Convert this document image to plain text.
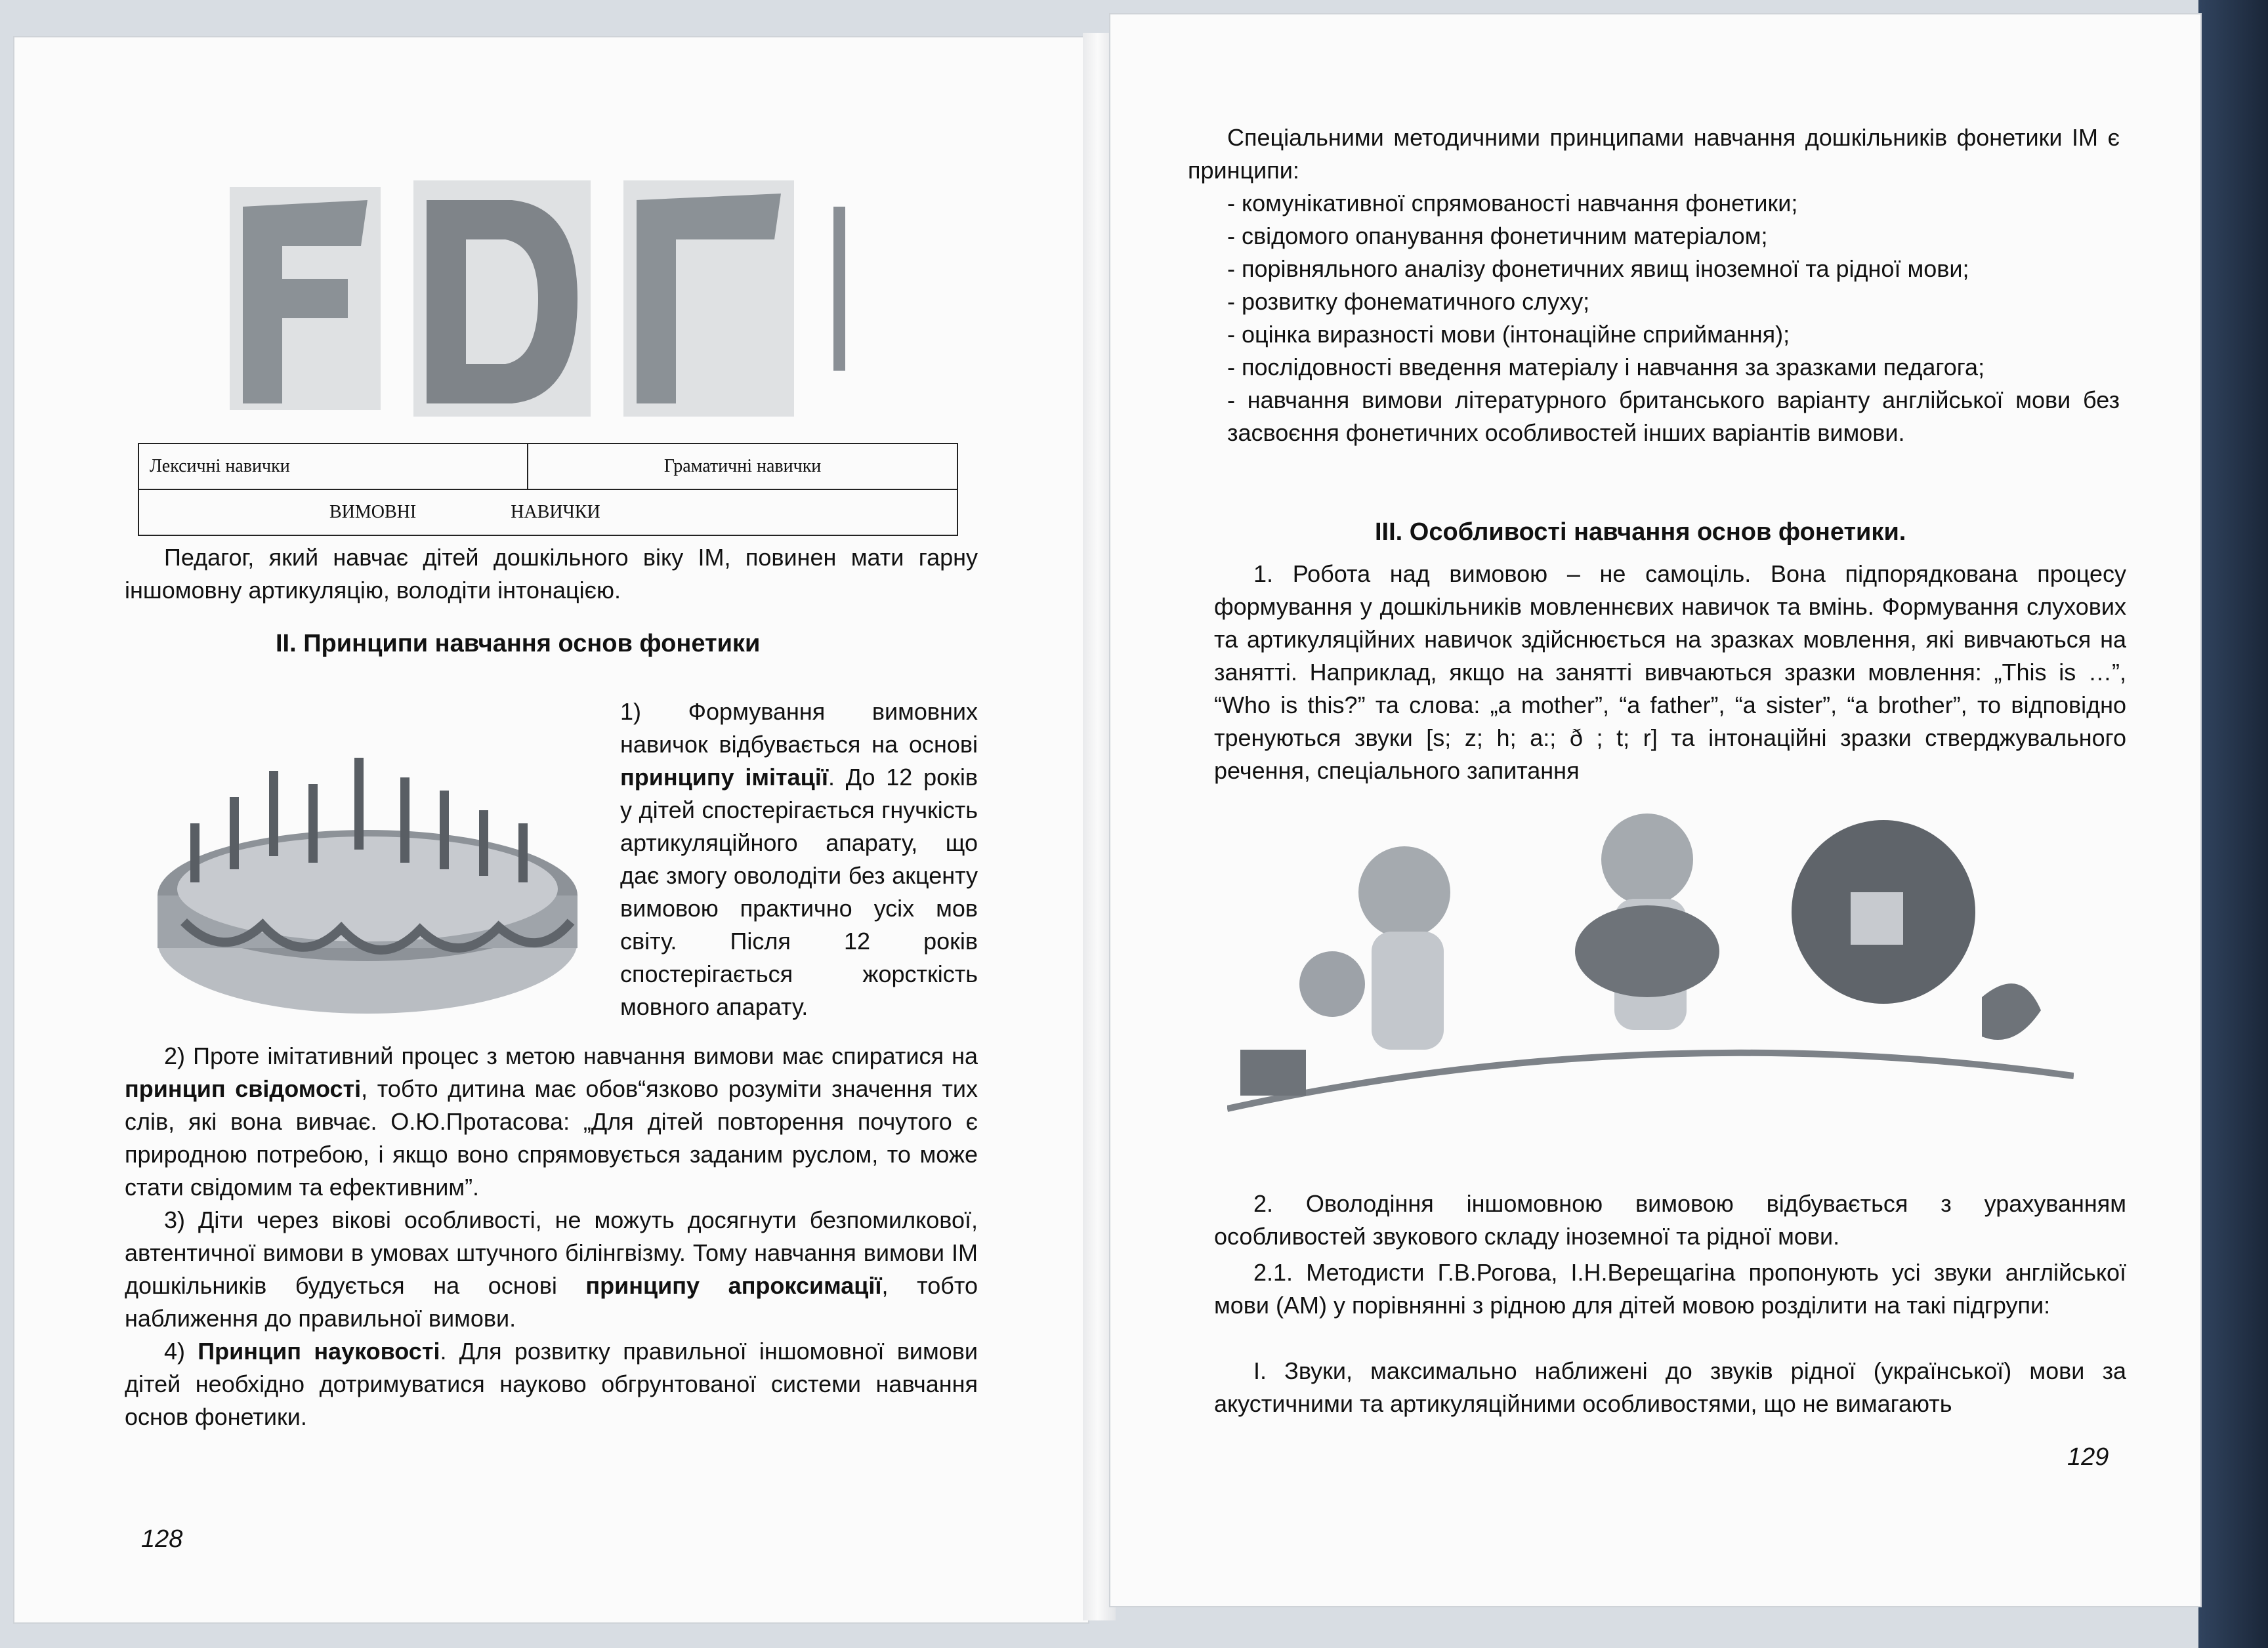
Лексичні навички	Граматичні навички
ВИМОВНІ	НАВИЧКИ

Педагог, який навчає дітей дошкільного віку ІМ, повинен мати гарну іншомовну артикуляцію, володіти інтонацією.

II. Принципи навчання основ фонетики

1) Формування вимовних навичок відбувається на основі принципу імітації. До 12 років у дітей спостерігається гнучкість артикуляційного апарату, що дає змогу оволодіти без акценту вимовою практично усіх мов світу. Після 12 років спостерігається жорсткість мовного апарату.

2) Проте імітативний процес з метою навчання вимови має спиратися на принцип свідомості, тобто дитина має обов“язково розуміти значення тих слів, які вона вивчає. О.Ю.Протасова: „Для дітей повторення почутого є природною потребою, і якщо воно спрямовується заданим руслом, то може стати свідомим та ефективним”.

3) Діти через вікові особливості, не можуть досягнути безпомилкової, автентичної вимови в умовах штучного білінгвізму. Тому навчання вимови ІМ дошкільників будується на основі принципу апроксимації, тобто наближення до правильної вимови.

4) Принцип науковості. Для розвитку правильної іншомовної вимови дітей необхідно дотримуватися науково обгрунтованої системи навчання основ фонетики.

128

Спеціальними методичними принципами навчання дошкільників фонетики ІМ є принципи:

- комунікативної спрямованості навчання фонетики;
- свідомого опанування фонетичним матеріалом;
- порівняльного аналізу фонетичних явищ іноземної та рідної мови;
- розвитку фонематичного слуху;
- оцінка виразності мови (інтонаційне сприймання);
- послідовності введення матеріалу і навчання за зразками педагога;
- навчання вимови літературного британського варіанту англійської мови без засвоєння фонетичних особливостей інших варіантів вимови.

III. Особливості навчання основ фонетики.

1. Робота над вимовою – не самоціль. Вона підпорядкована процесу формування у дошкільників мовленнєвих навичок та вмінь. Формування слухових та артикуляційних навичок здійснюється на зразках мовлення, які вивчаються на занятті. Наприклад, якщо на занятті вивчаються зразки мовлення: „This is …”, “Who is this?” та слова: „a mother”, “a father”, “a sister”, “a brother”, то відповідно тренуються звуки [s; z; h; a:; ð ; t; r] та інтонаційні зразки стверджувального речення, спеціального запитання

2. Оволодіння іншомовною вимовою відбувається з урахуванням особливостей звукового складу іноземної та рідної мови.

2.1. Методисти Г.В.Рогова, І.Н.Верещагіна пропонують усі звуки англійської мови (АМ) у порівнянні з рідною для дітей мовою розділити на такі підгрупи:

І. Звуки, максимально наближені до звуків рідної (української) мови за акустичними та артикуляційними особливостями, що не вимагають

129
